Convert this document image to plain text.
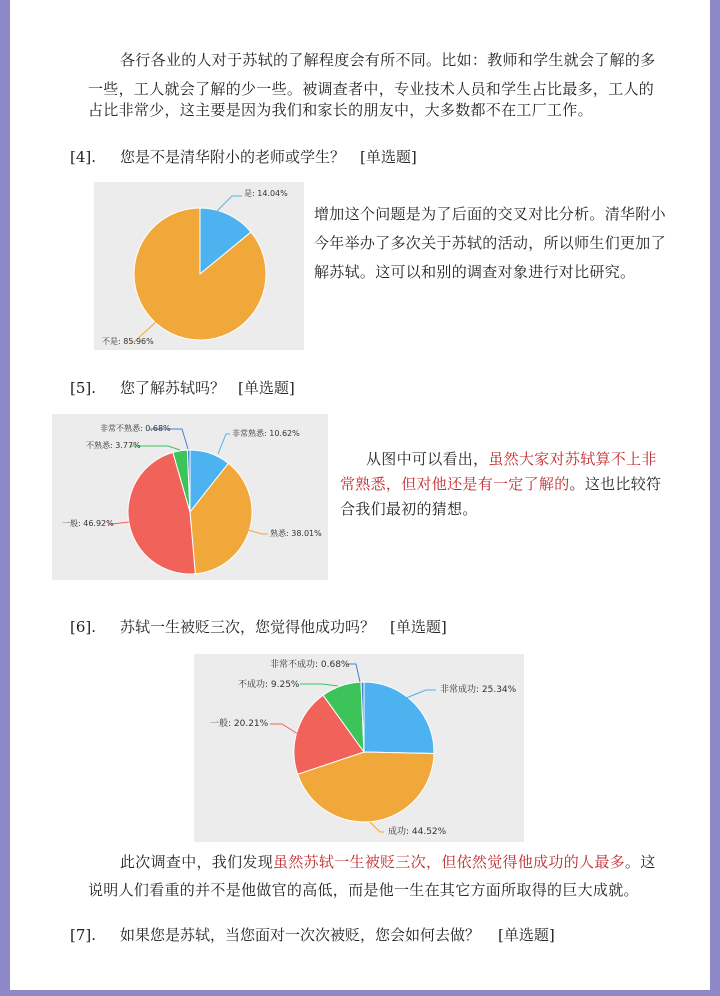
各行各业的人对于苏轼的了解程度会有所不同。比如：教师和学生就会了解的多
一些，工人就会了解的少一些。被调查者中，专业技术人员和学生占比最多，工人的
占比非常少，这主要是因为我们和家长的朋友中，大多数都不在工厂工作。
[4]. 您是不是清华附小的老师或学生？ [单选题]
是: 14.04%
不是: 85.96%
增加这个问题是为了后面的交叉对比分析。清华附小
今年举办了多次关于苏轼的活动，所以师生们更加了
解苏轼。这可以和别的调查对象进行对比研究。
[5]. 您了解苏轼吗？ [单选题]
非常熟悉: 10.62%
熟悉: 38.01%
一般: 46.92%
不熟悉: 3.77%
非常不熟悉: 0.68%
从图中可以看出，虽然大家对苏轼算不上非
常熟悉，但对他还是有一定了解的。这也比较符
合我们最初的猜想。
[6]. 苏轼一生被贬三次，您觉得他成功吗？ [单选题]
非常成功: 25.34%
成功: 44.52%
一般: 20.21%
不成功: 9.25%
非常不成功: 0.68%
此次调查中，我们发现虽然苏轼一生被贬三次，但依然觉得他成功的人最多。这
说明人们看重的并不是他做官的高低，而是他一生在其它方面所取得的巨大成就。
[7]. 如果您是苏轼，当您面对一次次被贬，您会如何去做？ [单选题]
